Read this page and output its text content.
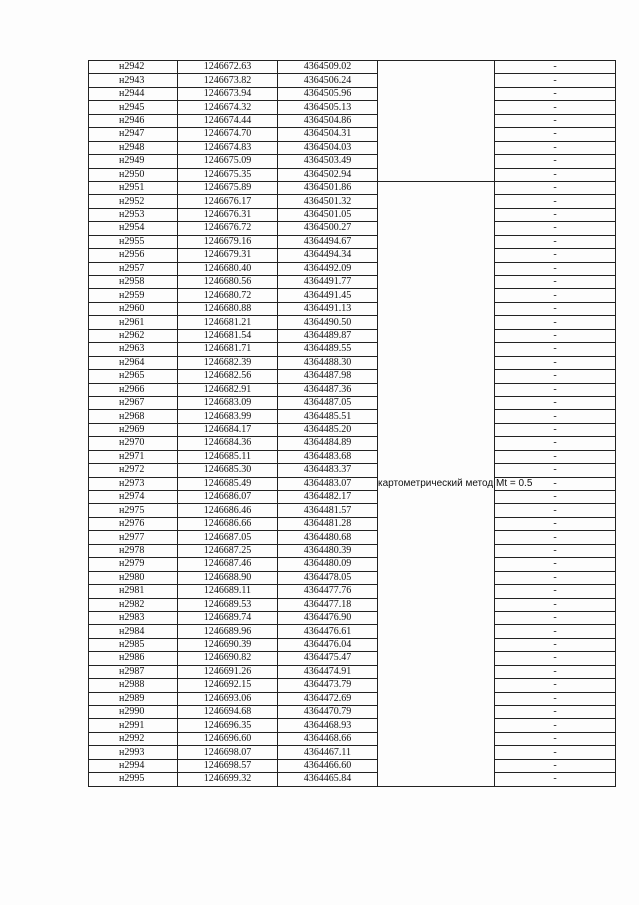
н2942	1246672.63	4364509.02		-
н2943	1246673.82	4364506.24		-
н2944	1246673.94	4364505.96		-
н2945	1246674.32	4364505.13		-
н2946	1246674.44	4364504.86		-
н2947	1246674.70	4364504.31		-
н2948	1246674.83	4364504.03		-
н2949	1246675.09	4364503.49		-
н2950	1246675.35	4364502.94		-
н2951	1246675.89	4364501.86	картометрический метод Mt = 0.5	-
н2952	1246676.17	4364501.32		-
н2953	1246676.31	4364501.05		-
н2954	1246676.72	4364500.27		-
н2955	1246679.16	4364494.67		-
н2956	1246679.31	4364494.34		-
н2957	1246680.40	4364492.09		-
н2958	1246680.56	4364491.77		-
н2959	1246680.72	4364491.45		-
н2960	1246680.88	4364491.13		-
н2961	1246681.21	4364490.50		-
н2962	1246681.54	4364489.87		-
н2963	1246681.71	4364489.55		-
н2964	1246682.39	4364488.30		-
н2965	1246682.56	4364487.98		-
н2966	1246682.91	4364487.36		-
н2967	1246683.09	4364487.05		-
н2968	1246683.99	4364485.51		-
н2969	1246684.17	4364485.20		-
н2970	1246684.36	4364484.89		-
н2971	1246685.11	4364483.68		-
н2972	1246685.30	4364483.37		-
н2973	1246685.49	4364483.07		-
н2974	1246686.07	4364482.17		-
н2975	1246686.46	4364481.57		-
н2976	1246686.66	4364481.28		-
н2977	1246687.05	4364480.68		-
н2978	1246687.25	4364480.39		-
н2979	1246687.46	4364480.09		-
н2980	1246688.90	4364478.05		-
н2981	1246689.11	4364477.76		-
н2982	1246689.53	4364477.18		-
н2983	1246689.74	4364476.90		-
н2984	1246689.96	4364476.61		-
н2985	1246690.39	4364476.04		-
н2986	1246690.82	4364475.47		-
н2987	1246691.26	4364474.91		-
н2988	1246692.15	4364473.79		-
н2989	1246693.06	4364472.69		-
н2990	1246694.68	4364470.79		-
н2991	1246696.35	4364468.93		-
н2992	1246696.60	4364468.66		-
н2993	1246698.07	4364467.11		-
н2994	1246698.57	4364466.60		-
н2995	1246699.32	4364465.84		-
